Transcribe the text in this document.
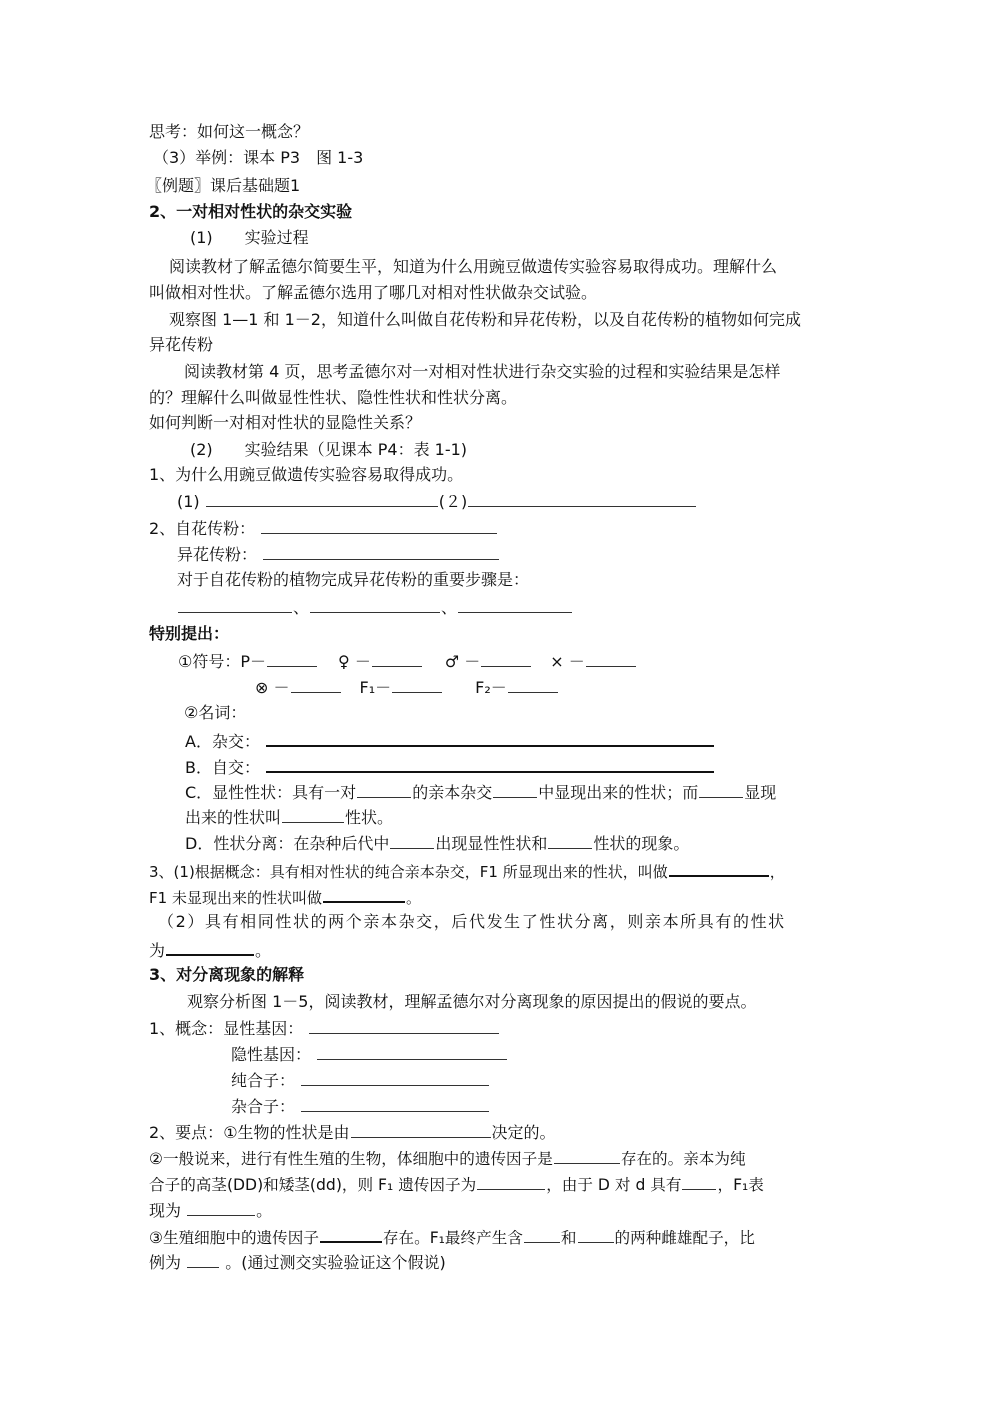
思考：如何这一概念？
（3）举例：课本 P3　图 1-3
〖例题〗课后基础题1
2、一对相对性状的杂交实验
(1)　　实验过程
阅读教材了解孟德尔简要生平，知道为什么用豌豆做遗传实验容易取得成功。理解什么
叫做相对性状。了解孟德尔选用了哪几对相对性状做杂交试验。
观察图 1—1 和 1－2，知道什么叫做自花传粉和异花传粉，以及自花传粉的植物如何完成
异花传粉
阅读教材第 4 页，思考孟德尔对一对相对性状进行杂交实验的过程和实验结果是怎样
的？理解什么叫做显性性状、隐性性状和性状分离。
如何判断一对相对性状的显隐性关系？
(2)　　实验结果（见课本 P4：表 1-1)
1、为什么用豌豆做遗传实验容易取得成功。
(1)	(２)
2、自花传粉：
异花传粉：
对于自花传粉的植物完成异花传粉的重要步骤是：
、	、
特别提出：
①符号：P－	♀ －	♂ －	× －
⊗ －	F₁－	F₂－
②名词：
A．杂交：
B．自交：
C．显性性状：具有一对	的亲本杂交	中显现出来的性状；而	显现
出来的性状叫	性状。
D．性状分离：在杂种后代中	出现显性性状和	性状的现象。
3、(1)根据概念：具有相对性状的纯合亲本杂交，F1 所显现出来的性状，叫做	，
F1 未显现出来的性状叫做	。
（2）具有相同性状的两个亲本杂交，后代发生了性状分离，则亲本所具有的性状
为	。
3、对分离现象的解释
观察分析图 1－5，阅读教材，理解孟德尔对分离现象的原因提出的假说的要点。
1、概念：显性基因：
隐性基因：
纯合子：
杂合子：
2、要点：①生物的性状是由	决定的。
②一般说来，进行有性生殖的生物，体细胞中的遗传因子是	存在的。亲本为纯
合子的高茎(DD)和矮茎(dd)，则 F₁ 遗传因子为	，由于 D 对 d 具有 ，F₁表
现为	。
③生殖细胞中的遗传因子	存在。F₁最终产生含 和 的两种雌雄配子，比
例为	。(通过测交实验验证这个假说)
